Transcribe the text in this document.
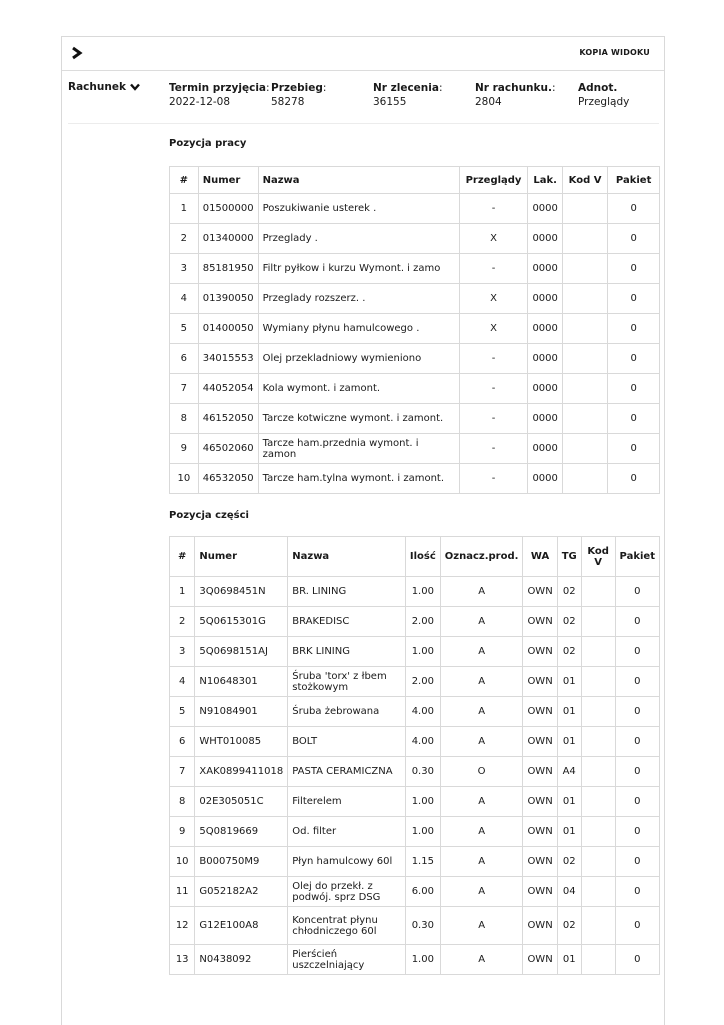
KOPIA WIDOKU
Rachunek	Termin przyjęcia:
2022-12-08
Przebieg:
58278
Nr zlecenia:
36155
Nr rachunku.:
2804
Adnot.
Przeglądy
Pozycja pracy
#	Numer	Nazwa	Przeglądy	Lak.	Kod V	Pakiet
1	01500000	Poszukiwanie usterek .	-	0000		0
2	01340000	Przeglady .	X	0000		0
3	85181950	Filtr pyłkow i kurzu Wymont. i zamo	-	0000		0
4	01390050	Przeglady rozszerz. .	X	0000		0
5	01400050	Wymiany płynu hamulcowego .	X	0000		0
6	34015553	Olej przekladniowy wymieniono	-	0000		0
7	44052054	Kola wymont. i zamont.	-	0000		0
8	46152050	Tarcze kotwiczne wymont. i zamont.	-	0000		0
9	46502060	Tarcze ham.przednia wymont. i zamon	-	0000		0
10	46532050	Tarcze ham.tylna wymont. i zamont.	-	0000		0
Pozycja części
#	Numer	Nazwa	Ilość	Oznacz.prod.	WA	TG	Kod V	Pakiet
1	3Q0698451N	BR. LINING	1.00	A	OWN	02		0
2	5Q0615301G	BRAKEDISC	2.00	A	OWN	02		0
3	5Q0698151AJ	BRK LINING	1.00	A	OWN	02		0
4	N10648301	Śruba 'torx' z łbem stożkowym	2.00	A	OWN	01		0
5	N91084901	Śruba żebrowana	4.00	A	OWN	01		0
6	WHT010085	BOLT	4.00	A	OWN	01		0
7	XAK0899411018	PASTA CERAMICZNA	0.30	O	OWN	A4		0
8	02E305051C	Filterelem	1.00	A	OWN	01		0
9	5Q0819669	Od. filter	1.00	A	OWN	01		0
10	B000750M9	Płyn hamulcowy 60l	1.15	A	OWN	02		0
11	G052182A2	Olej do przekł. z podwój. sprz DSG	6.00	A	OWN	04		0
12	G12E100A8	Koncentrat płynu chłodniczego 60l	0.30	A	OWN	02		0
13	N0438092	Pierścień uszczelniający	1.00	A	OWN	01		0
